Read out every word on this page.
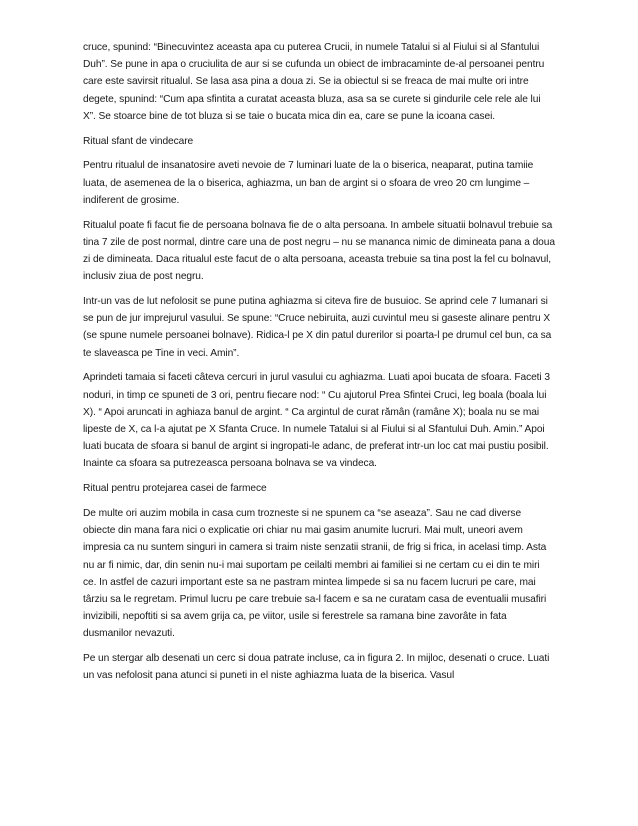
cruce, spunind: “Binecuvintez aceasta apa cu puterea Crucii, in numele Tatalui si al Fiului si al Sfantului Duh”. Se pune in apa o cruciulita de aur si se cufunda un obiect de imbracaminte de-al persoanei pentru care este savirsit ritualul. Se lasa asa pina a doua zi. Se ia obiectul si se freaca de mai multe ori intre degete, spunind: “Cum apa sfintita a curatat aceasta bluza, asa sa se curete si gindurile cele rele ale lui X”. Se stoarce bine de tot bluza si se taie o bucata mica din ea, care se pune la icoana casei.

Ritual sfant de vindecare

Pentru ritualul de insanatosire aveti nevoie de 7 luminari luate de la o biserica, neaparat, putina tamiie luata, de asemenea de la o biserica, aghiazma, un ban de argint si o sfoara de vreo 20 cm lungime – indiferent de grosime.

Ritualul poate fi facut fie de persoana bolnava fie de o alta persoana. In ambele situatii bolnavul trebuie sa tina 7 zile de post normal, dintre care una de post negru – nu se mananca nimic de dimineata pana a doua zi de dimineata. Daca ritualul este facut de o alta persoana, aceasta trebuie sa tina post la fel cu bolnavul, inclusiv ziua de post negru.

Intr-un vas de lut nefolosit se pune putina aghiazma si citeva fire de busuioc. Se aprind cele 7 lumanari si se pun de jur imprejurul vasului. Se spune: “Cruce nebiruita, auzi cuvintul meu si gaseste alinare pentru X (se spune numele persoanei bolnave). Ridica-l pe X din patul durerilor si poarta-l pe drumul cel bun, ca sa te slaveasca pe Tine in veci. Amin”.

Aprindeti tamaia si faceti câteva cercuri in jurul vasului cu aghiazma. Luati apoi bucata de sfoara. Faceti 3 noduri, in timp ce spuneti de 3 ori, pentru fiecare nod: “ Cu ajutorul Prea Sfintei Cruci, leg boala (boala lui X). “ Apoi aruncati in aghiaza banul de argint. “ Ca argintul de curat rămân (ramâne X); boala nu se mai lipeste de X, ca l-a ajutat pe X Sfanta Cruce. In numele Tatalui si al Fiului si al Sfantului Duh. Amin.” Apoi luati bucata de sfoara si banul de argint si ingropati-le adanc, de preferat intr-un loc cat mai pustiu posibil. Inainte ca sfoara sa putrezeasca persoana bolnava se va vindeca.

Ritual pentru protejarea casei de farmece

De multe ori auzim mobila in casa cum trozneste si ne spunem ca “se aseaza”. Sau ne cad diverse obiecte din mana fara nici o explicatie ori chiar nu mai gasim anumite lucruri. Mai mult, uneori avem impresia ca nu suntem singuri in camera si traim niste senzatii stranii, de frig si frica, in acelasi timp. Asta nu ar fi nimic, dar, din senin nu-i mai suportam pe ceilalti membri ai familiei si ne certam cu ei din te miri ce. In astfel de cazuri important este sa ne pastram mintea limpede si sa nu facem lucruri pe care, mai târziu sa le regretam. Primul lucru pe care trebuie sa-l facem e sa ne curatam casa de eventualii musafiri invizibili, nepoftiti si sa avem grija ca, pe viitor, usile si ferestrele sa ramana bine zavorâte in fata dusmanilor nevazuti.

Pe un stergar alb desenati un cerc si doua patrate incluse, ca in figura 2. In mijloc, desenati o cruce. Luati un vas nefolosit pana atunci si puneti in el niste aghiazma luata de la biserica. Vasul
